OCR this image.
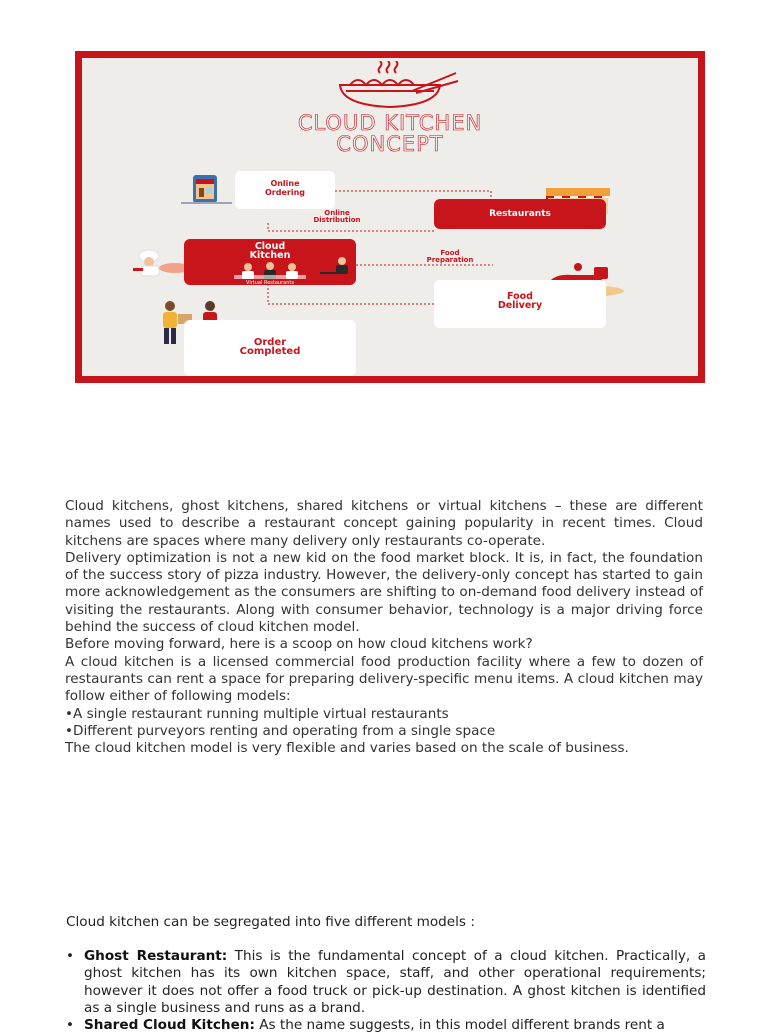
CLOUD KITCHEN
CONCEPT
Online
Ordering
Restaurants
Online
Distribution
Cloud
Kitchen
Virtual Restaurants
Food
Preparation
Food
Delivery
Order
Completed

Cloud kitchens, ghost kitchens, shared kitchens or virtual kitchens – these are different names used to describe a restaurant concept gaining popularity in recent times. Cloud kitchens are spaces where many delivery only restaurants co-operate.

Delivery optimization is not a new kid on the food market block. It is, in fact, the foundation of the success story of pizza industry. However, the delivery-only concept has started to gain more acknowledgement as the consumers are shifting to on-demand food delivery instead of visiting the restaurants. Along with consumer behavior, technology is a major driving force behind the success of cloud kitchen model.

Before moving forward, here is a scoop on how cloud kitchens work?

A cloud kitchen is a licensed commercial food production facility where a few to dozen of restaurants can rent a space for preparing delivery-specific menu items. A cloud kitchen may follow either of following models:

•A single restaurant running multiple virtual restaurants

•Different purveyors renting and operating from a single space

The cloud kitchen model is very flexible and varies based on the scale of business.

Cloud kitchen can be segregated into five different models :

• Ghost Restaurant: This is the fundamental concept of a cloud kitchen. Practically, a ghost kitchen has its own kitchen space, staff, and other operational requirements; however it does not offer a food truck or pick-up destination. A ghost kitchen is identified as a single business and runs as a brand.
• Shared Cloud Kitchen: As the name suggests, in this model different brands rent a
